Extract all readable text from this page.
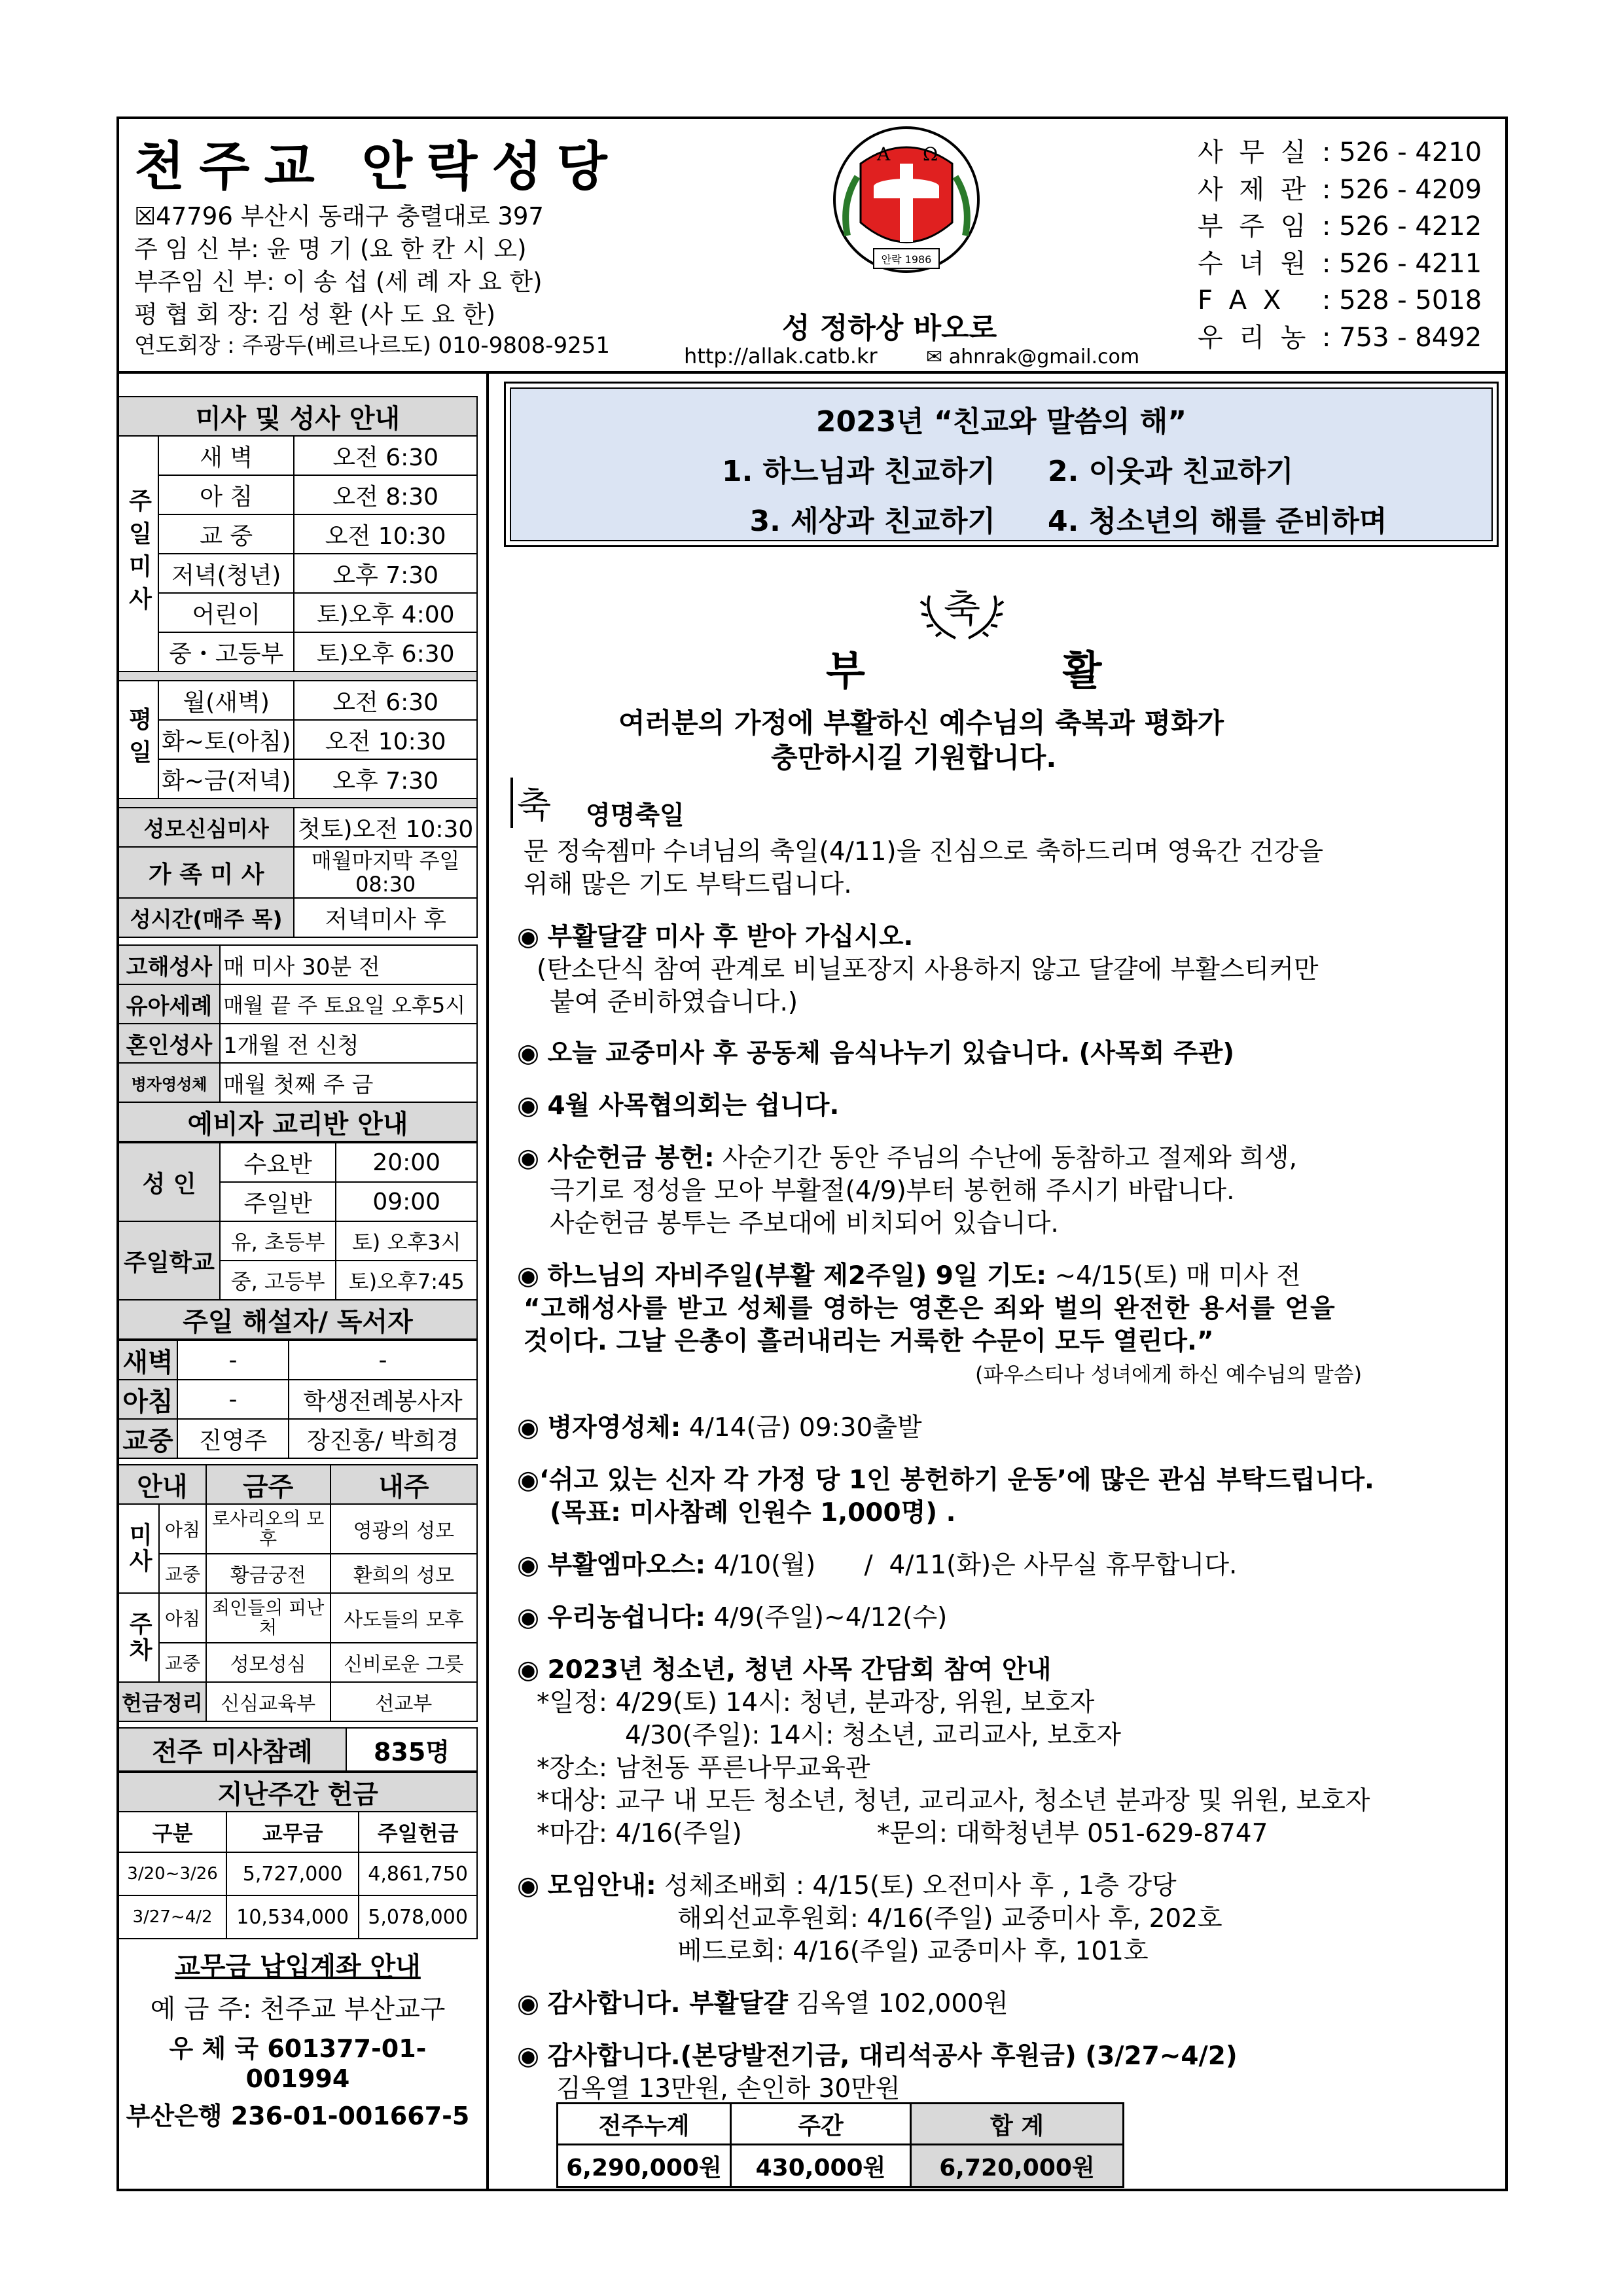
천주교 안락성당
☒47796 부산시 동래구 충렬대로 397
주 임 신 부: 윤 명 기 (요 한 칸 시 오)
부주임 신 부: 이 송 섭 (세 례 자 요 한)
평 협 회 장: 김 성 환 (사 도 요 한)
연도회장 : 주광두(베르나르도) 010-9808-9251
A Ω
안락 1986
성 정하상 바오로
http://allak.catb.kr ✉ ahnrak@gmail.com
사 무 실 : 526 - 4210
사 제 관 : 526 - 4209
부 주 임 : 526 - 4212
수 녀 원 : 526 - 4211
F A X	: 528 - 5018
우 리 농 : 753 - 8492
미사 및 성사 안내		
주일미사	새 벽	오전 6:30
	아 침	오전 8:30
	교 중	오전 10:30
	저녁(청년)	오후 7:30
	어린이	토)오후 4:00
	중・고등부	토)오후 6:30

평일	월(새벽)	오전 6:30
	화~토(아침)	오전 10:30
	화~금(저녁)	오후 7:30

성모신심미사		첫토)오전 10:30
가 족 미 사		매월마지막 주일 08:30
성시간(매주 목)		저녁미사 후
고해성사	매 미사 30분 전
유아세례	매월 끝 주 토요일 오후5시
혼인성사	1개월 전 신청
병자영성체	매월 첫째 주 금
예비자 교리반 안내	
성 인	수요반	20:00
	주일반	09:00
주일학교	유, 초등부	토) 오후3시
	중, 고등부	토)오후7:45
주일 해설자/ 독서자		
새벽	-	-
아침	-	학생전례봉사자
교중	진영주	장진홍/ 박희경
안내		금주	내주
미사	아침	로사리오의 모후	영광의 성모
	교중	황금궁전	환희의 성모
주차	아침	죄인들의 피난처	사도들의 모후
	교중	성모성심	신비로운 그릇
헌금정리		신심교육부	선교부
전주 미사참례	835명
지난주간 헌금		
구분	교무금	주일헌금
3/20~3/26	5,727,000	4,861,750
3/27~4/2	10,534,000	5,078,000
교무금 납입계좌 안내
예 금 주: 천주교 부산교구
우 체 국 601377-01-001994
부산은행 236-01-001667-5
2023년 “친교와 말씀의 해”
1. 하느님과 친교하기	2. 이웃과 친교하기
3. 세상과 친교하기	4. 청소년의 해를 준비하며
축
부 활
여러분의 가정에 부활하신 예수님의 축복과 평화가
충만하시길 기원합니다.
축 영명축일
문 정숙젬마 수녀님의 축일(4/11)을 진심으로 축하드리며 영육간 건강을
위해 많은 기도 부탁드립니다.
◉ 부활달걀 미사 후 받아 가십시오.
(탄소단식 참여 관계로 비닐포장지 사용하지 않고 달걀에 부활스티커만
붙여 준비하였습니다.)
◉ 오늘 교중미사 후 공동체 음식나누기 있습니다. (사목회 주관)
◉ 4월 사목협의회는 쉽니다.
◉ 사순헌금 봉헌: 사순기간 동안 주님의 수난에 동참하고 절제와 희생,
극기로 정성을 모아 부활절(4/9)부터 봉헌해 주시기 바랍니다.
사순헌금 봉투는 주보대에 비치되어 있습니다.
◉ 하느님의 자비주일(부활 제2주일) 9일 기도: ~4/15(토) 매 미사 전
“고해성사를 받고 성체를 영하는 영혼은 죄와 벌의 완전한 용서를 얻을
것이다. 그날 은총이 흘러내리는 거룩한 수문이 모두 열린다.”
(파우스티나 성녀에게 하신 예수님의 말씀)
◉ 병자영성체: 4/14(금) 09:30출발
◉‘쉬고 있는 신자 각 가정 당 1인 봉헌하기 운동’에 많은 관심 부탁드립니다.
(목표: 미사참례 인원수 1,000명) .
◉ 부활엠마오스: 4/10(월)      /  4/11(화)은 사무실 휴무합니다.
◉ 우리농쉽니다: 4/9(주일)~4/12(수)
◉ 2023년 청소년, 청년 사목 간담회 참여 안내
*일정: 4/29(토) 14시: 청년, 분과장, 위원, 보호자
4/30(주일): 14시: 청소년, 교리교사, 보호자
*장소: 남천동 푸른나무교육관
*대상: 교구 내 모든 청소년, 청년, 교리교사, 청소년 분과장 및 위원, 보호자
*마감: 4/16(주일)	*문의: 대학청년부 051-629-8747
◉ 모임안내: 성체조배회 : 4/15(토) 오전미사 후 , 1층 강당
해외선교후원회: 4/16(주일) 교중미사 후, 202호
베드로회: 4/16(주일) 교중미사 후, 101호
◉ 감사합니다. 부활달걀 김옥열 102,000원
◉ 감사합니다.(본당발전기금, 대리석공사 후원금) (3/27~4/2)
김옥열 13만원, 손인하 30만원
전주누계	주간	합 계
6,290,000원	430,000원	6,720,000원
